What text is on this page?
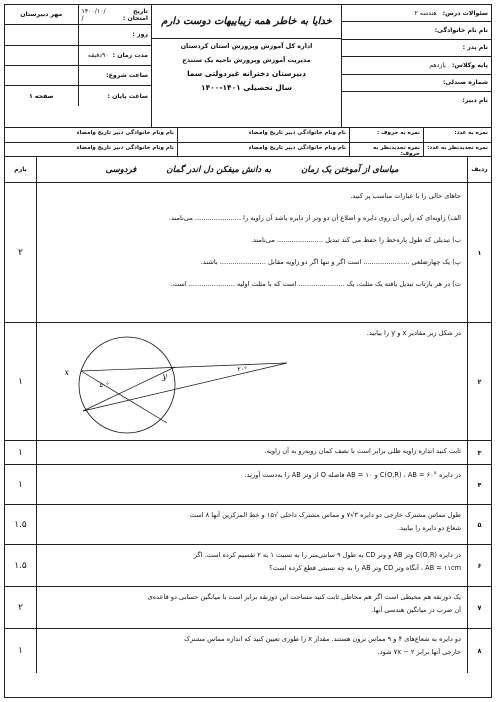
سئوالات درس:
هندسه ۲
نام نام خانوادگی:
نام پدر :
پایه وکلاس:
یازدهم
شماره صندلی:
نام دبیر:
خدایا به خاطر همه زیباییهات دوست دارم
اداره کل آموزش وپرورش استان کردستان
مدیریت آموزش وپرورش ناحیه یک سنندج
دبیرستان دخترانه غیردولتی سما
سال تحصیلی ۱۴۰۱-۱۴۰۰
تاریخ امتحان :
۱۴۰۰/۱۰/ /
مهر دبیرستان
روز :
مدت زمان :
۹۰دقیقه
ساعت شروع:
ساعت پایان :
صفحه ۱
نمره به عدد:
نمره به حروف :
نام ونام خانوادگی دبیر تاریخ وامضاء
نام ونام خانوادگی دبیر تاریخ وامضاء
نمره تجدیدنظر به عدد:
نمره تجدیدنظر به حروف:
نام ونام خانوادگی دبیر تاریخ وامضاء
نام ونام خانوادگی دبیر تاریخ وامضاء
ردیف
میاسای از آموختن یک زمان
به دانش میفکن دل اندر گمان
فردوسی
بارم
۱

جاهای خالی را با عبارات مناسب پر کنید.

الف) زاویه‌ای که رأس آن روی دایره و اضلاع آن دو وتر از دایره باشد آن زاویه را ...................... می‌نامند.

ب) تبدیلی که طول پاره‌خط را حفظ می کند تبدیل ...................... می‌نامند.

پ) یک چهارضلعی ...................... است اگر و تنها اگر دو زاویه مقابل ...................... باشند.

ت) در هر بازتاب تبدیل یافته یک مثلث، یک ...................... است که با مثلث اولیه ...................... است.

۲
۲

در شکل زیر مقادیر x و y را بیابید.

x	y
۵۰°
۲۰°
۱
۳

ثابت کنید اندازه زاویه ظلی برابر است با نصف کمان روبه‌رو به آن زاویه.

۱
۴

در دایره C(O,R) ، AB = ۶۰° و AB = ۱۰ فاصله O از وتر AB را به‌دست آورید.

۱
۵

طول مماس مشترک خارجی دو دایره ۳√۷ و مماس مشترک داخلی √۱۵ و خط المرکزین آنها ۸ است

شعاع دو دایره را بیابید.

۱.۵
۶

در دایره C(O,R) وتر AB و وتر CD به طول ۹ سانتی‌متر را به نسبت ۱ به ۲ تقسیم کرده است. اگر

AB = ۱۱cm ، آنگاه وتر CD وتر AB را به چه نسبتی قطع کرده است؟

۱.۵
۷

یک ذوزنقه هم محیطی است اگر هم محاطی ثابت کنید مساحت این ذوزنقه برابر است با میانگین حسابی دو قاعده‌ی

آن ضرب در میانگین هندسی آنها.

۲
۸

دو دایره به شعاع‌های ۴ و ۹ مماس برون هستند. مقدار x را طوری تعیین کنید که اندازه مماس مشترک

خارجی آنها برابر ۲ − ۷x شود.

۱
